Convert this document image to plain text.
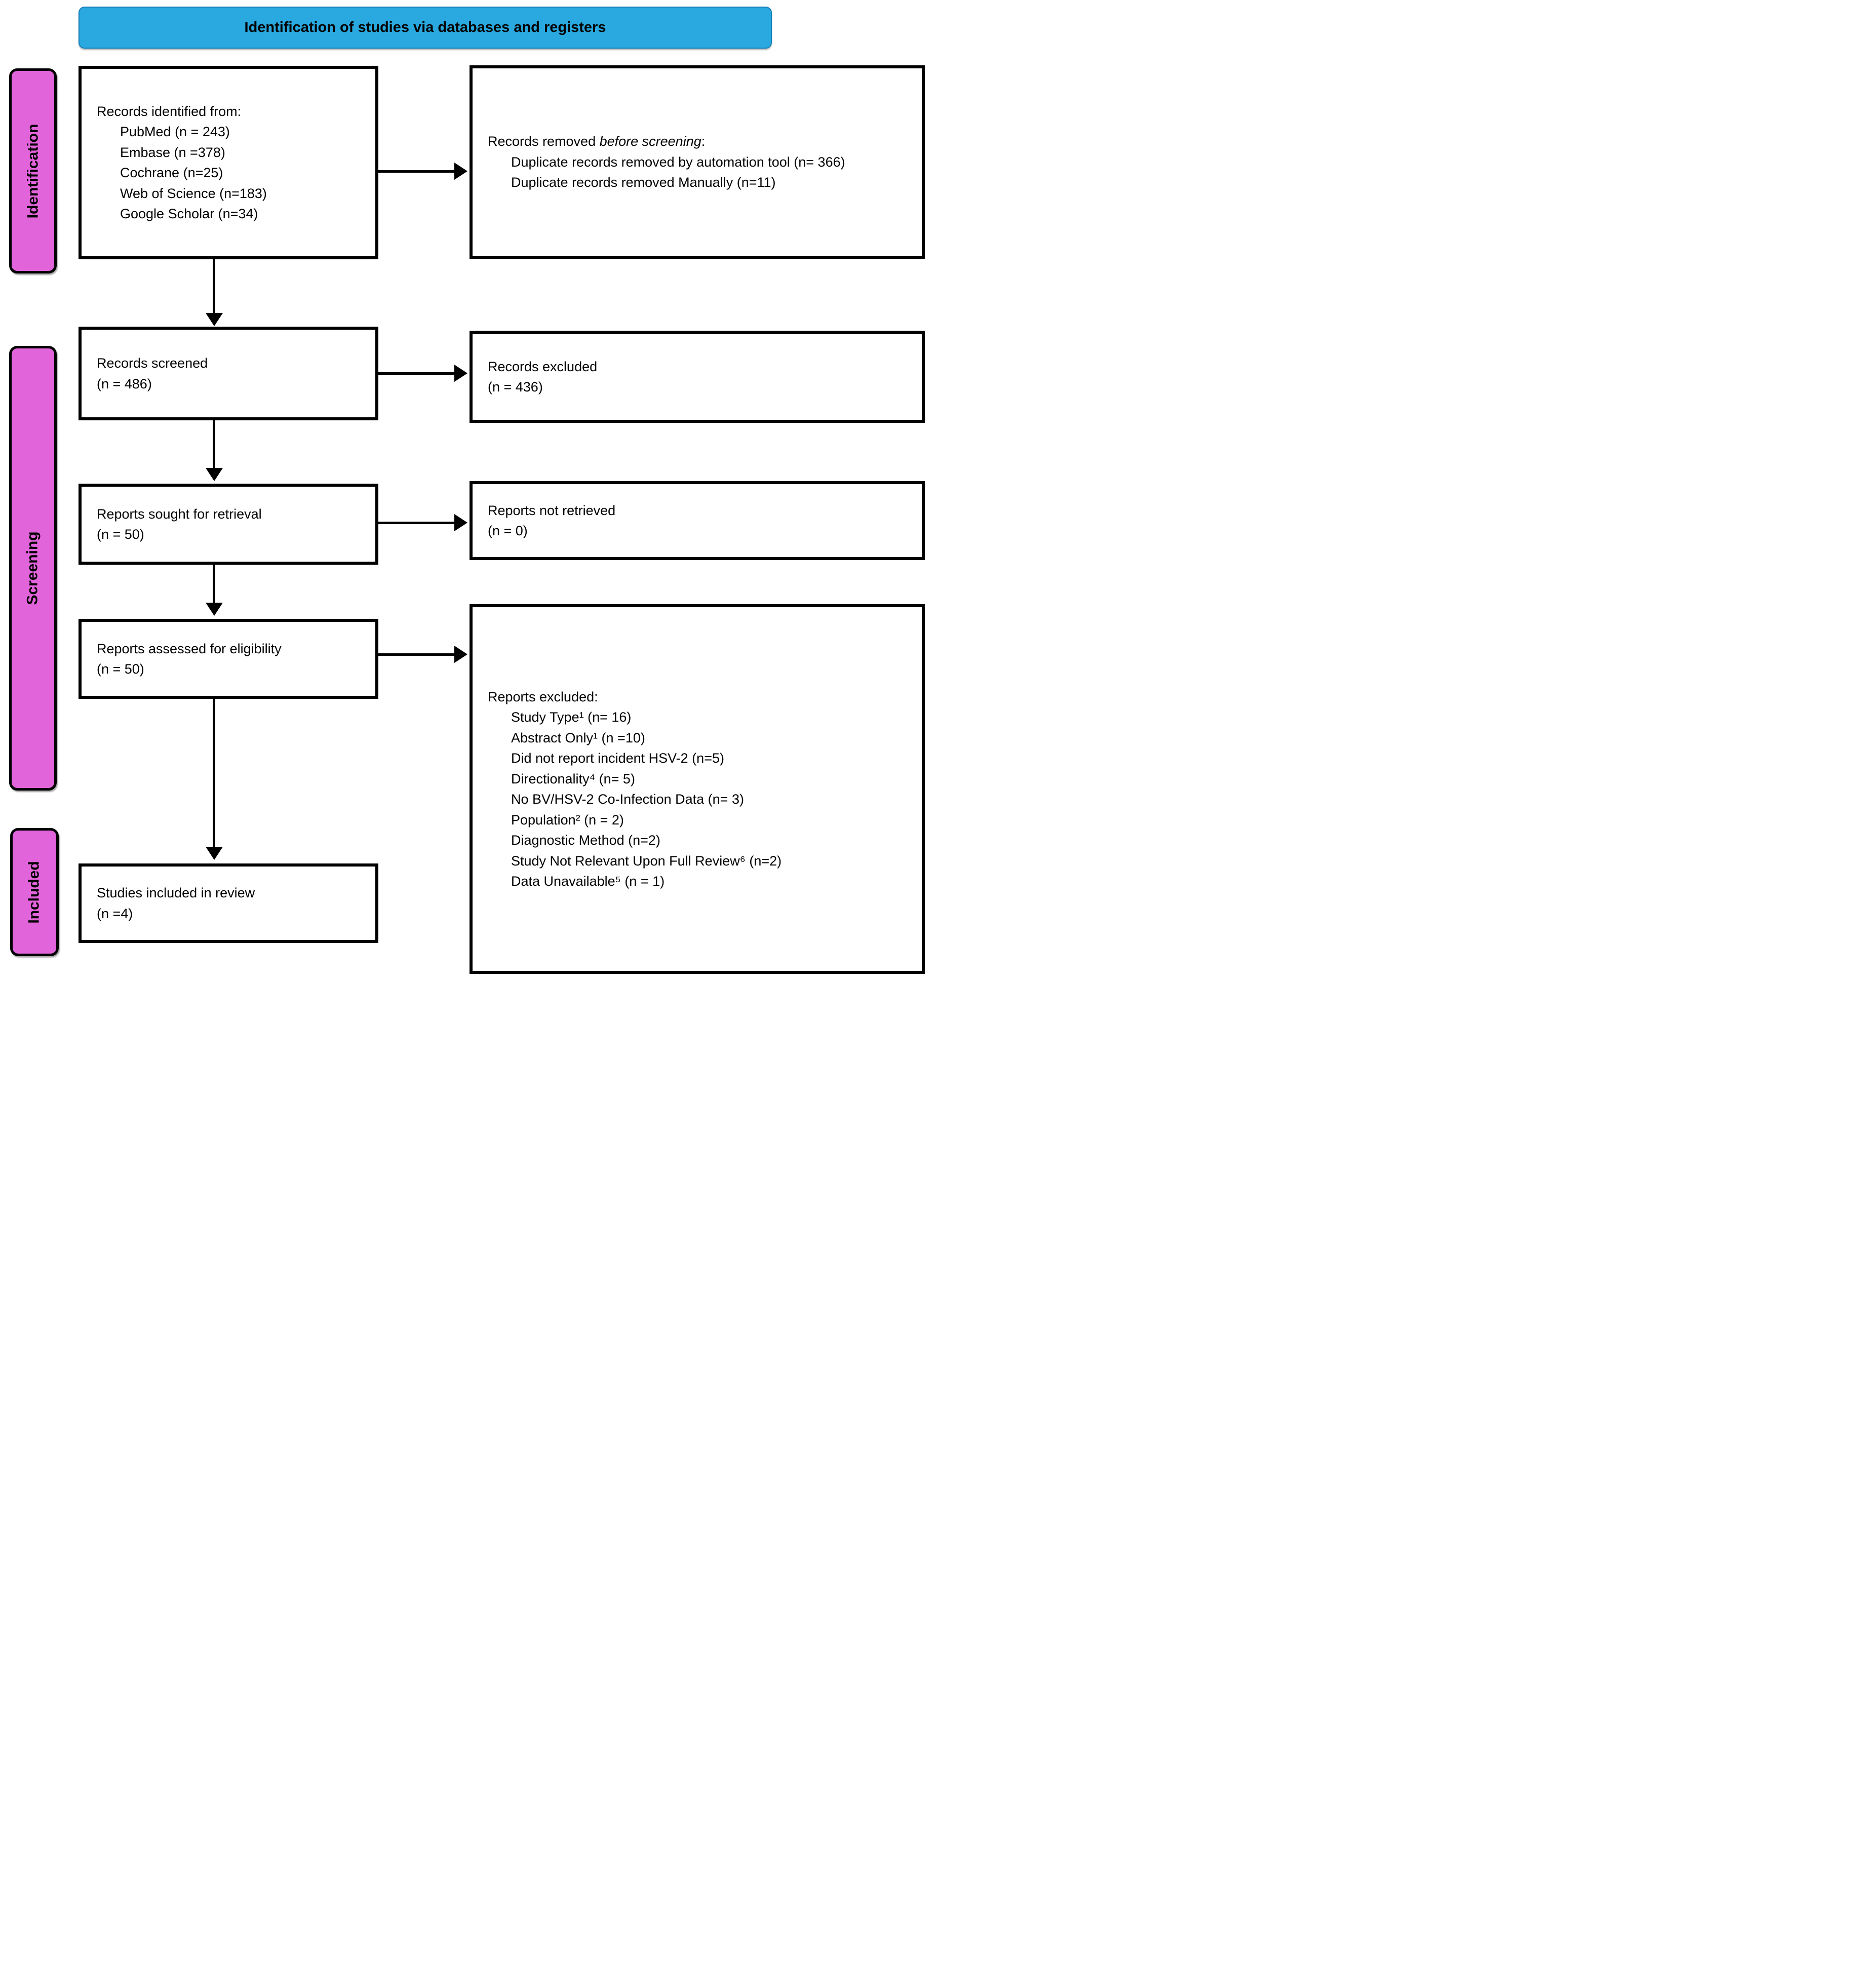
Identification of studies via databases and registers
Identification
Screening
Included
Records identified from:
PubMed (n = 243)
Embase (n =378)
Cochrane (n=25)
Web of Science (n=183)
Google Scholar (n=34)
Records removed before screening:
Duplicate records removed by automation tool (n= 366)
Duplicate records removed Manually (n=11)
Records screened
(n = 486)
Records excluded
(n = 436)
Reports sought for retrieval
(n = 50)
Reports not retrieved
(n = 0)
Reports assessed for eligibility
(n = 50)
Reports excluded:
Study Type¹ (n= 16)
Abstract Only¹ (n =10)
Did not report incident HSV-2 (n=5)
Directionality⁴ (n= 5)
No BV/HSV-2 Co-Infection Data (n= 3)
Population² (n = 2)
Diagnostic Method (n=2)
Study Not Relevant Upon Full Review⁶ (n=2)
Data Unavailable⁵ (n = 1)
Studies included in review
(n =4)
